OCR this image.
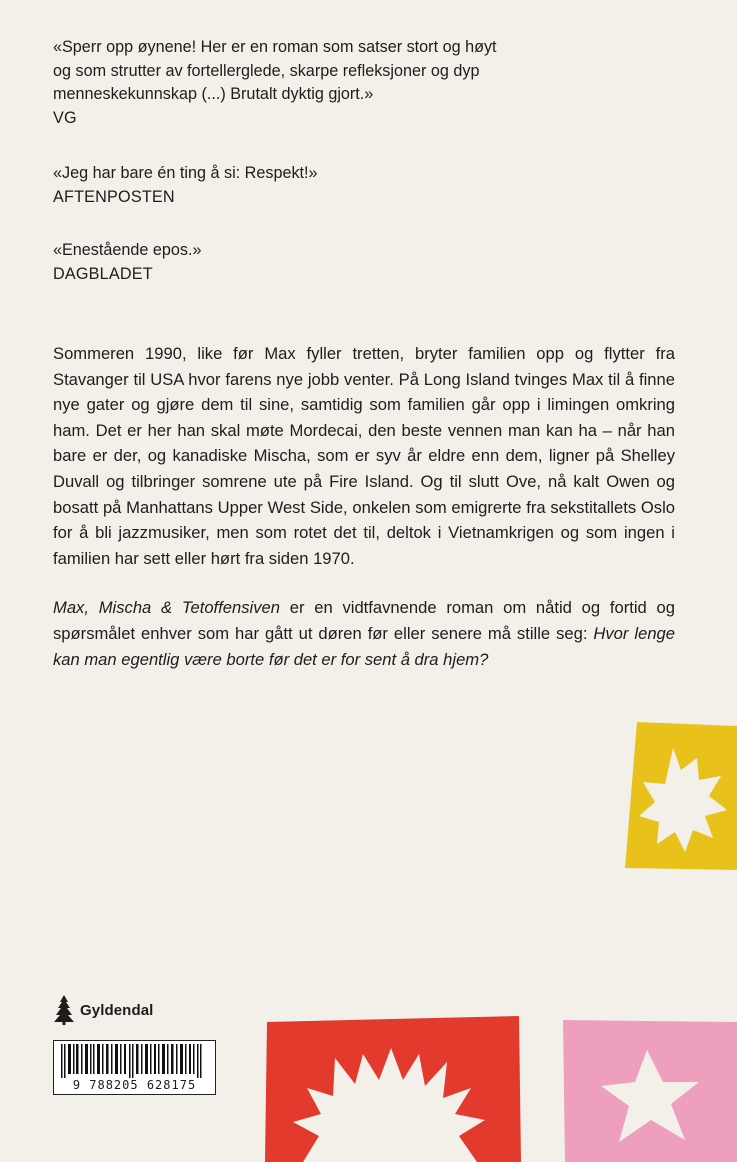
«Sperr opp øynene! Her er en roman som satser stort og høyt

og som strutter av fortellerglede, skarpe refleksjoner og dyp

menneskekunnskap (...) Brutalt dyktig gjort.»

VG

«Jeg har bare én ting å si: Respekt!»

AFTENPOSTEN

«Enestående epos.»

DAGBLADET

Sommeren 1990, like før Max fyller tretten, bryter familien opp og flytter fra Stavanger til USA hvor farens nye jobb venter. På Long Island tvinges Max til å finne nye gater og gjøre dem til sine, samtidig som familien går opp i limingen omkring ham. Det er her han skal møte Mordecai, den beste vennen man kan ha – når han bare er der, og kanadiske Mischa, som er syv år eldre enn dem, ligner på Shelley Duvall og tilbringer somrene ute på Fire Island. Og til slutt Ove, nå kalt Owen og bosatt på Manhattans Upper West Side, onkelen som emigrerte fra sekstitallets Oslo for å bli jazzmusiker, men som rotet det til, deltok i Vietnamkrigen og som ingen i familien har sett eller hørt fra siden 1970.

Max, Mischa & Tetoffensiven er en vidtfavnende roman om nåtid og fortid og spørsmålet enhver som har gått ut døren før eller senere må stille seg: Hvor lenge kan man egentlig være borte før det er for sent å dra hjem?

Gyldendal
9 788205 628175
